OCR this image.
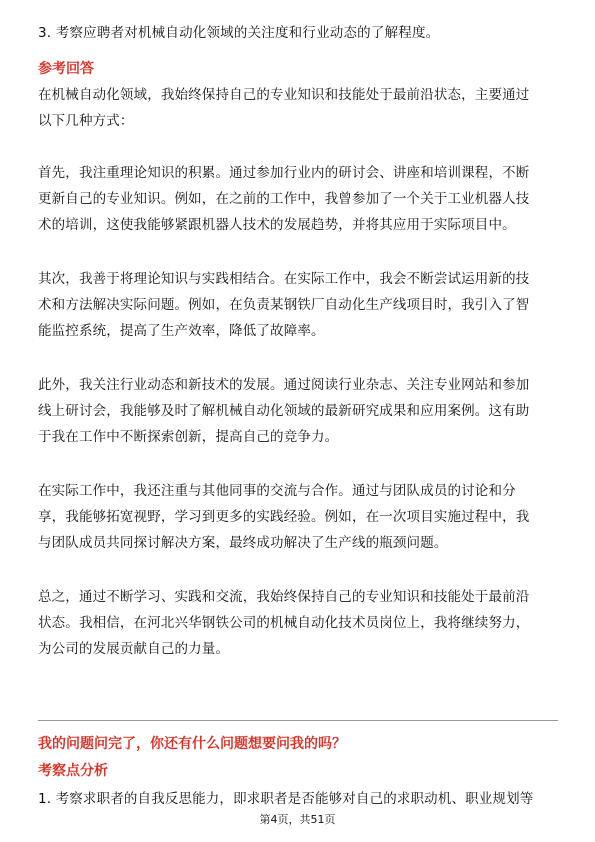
3. 考察应聘者对机械自动化领域的关注度和行业动态的了解程度。
参考回答
在机械自动化领域，我始终保持自己的专业知识和技能处于最前沿状态，主要通过
以下几种方式：
首先，我注重理论知识的积累。通过参加行业内的研讨会、讲座和培训课程，不断
更新自己的专业知识。例如，在之前的工作中，我曾参加了一个关于工业机器人技
术的培训，这使我能够紧跟机器人技术的发展趋势，并将其应用于实际项目中。
其次，我善于将理论知识与实践相结合。在实际工作中，我会不断尝试运用新的技
术和方法解决实际问题。例如，在负责某钢铁厂自动化生产线项目时，我引入了智
能监控系统，提高了生产效率，降低了故障率。
此外，我关注行业动态和新技术的发展。通过阅读行业杂志、关注专业网站和参加
线上研讨会，我能够及时了解机械自动化领域的最新研究成果和应用案例。这有助
于我在工作中不断探索创新，提高自己的竞争力。
在实际工作中，我还注重与其他同事的交流与合作。通过与团队成员的讨论和分
享，我能够拓宽视野，学习到更多的实践经验。例如，在一次项目实施过程中，我
与团队成员共同探讨解决方案，最终成功解决了生产线的瓶颈问题。
总之，通过不断学习、实践和交流，我始终保持自己的专业知识和技能处于最前沿
状态。我相信，在河北兴华钢铁公司的机械自动化技术员岗位上，我将继续努力，
为公司的发展贡献自己的力量。
我的问题问完了，你还有什么问题想要问我的吗？
考察点分析
1. 考察求职者的自我反思能力，即求职者是否能够对自己的求职动机、职业规划等
第4页，共51页
